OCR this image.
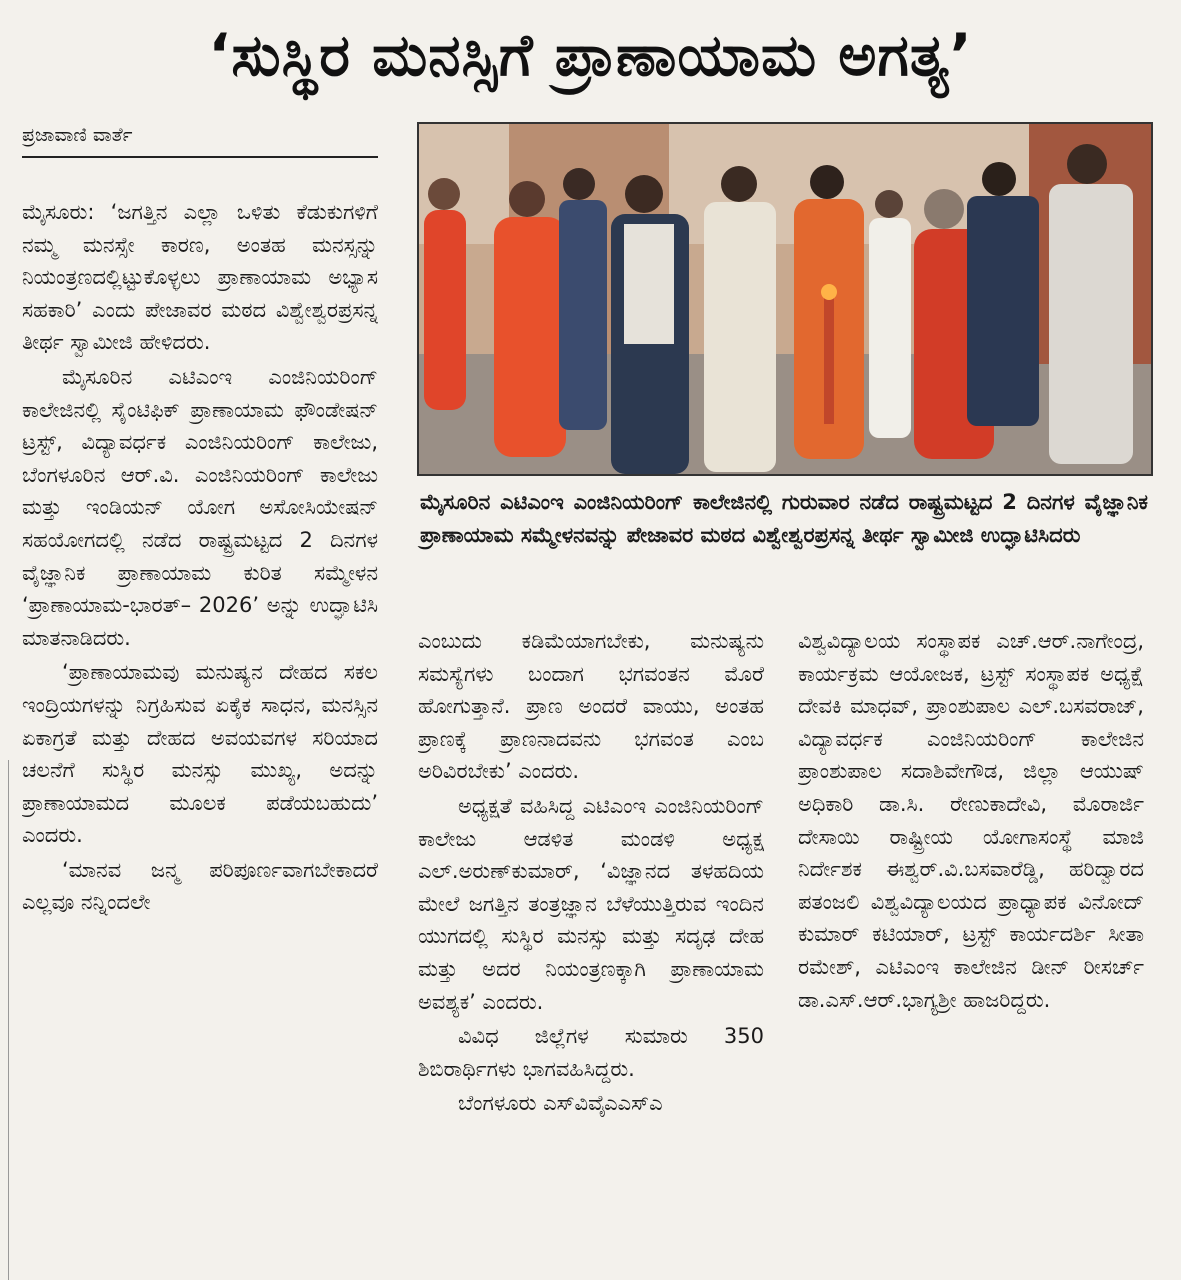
‘ಸುಸ್ಥಿರ ಮನಸ್ಸಿಗೆ ಪ್ರಾಣಾಯಾಮ ಅಗತ್ಯ’
ಪ್ರಜಾವಾಣಿ ವಾರ್ತೆ

ಮೈಸೂರು: ‘ಜಗತ್ತಿನ ಎಲ್ಲಾ ಒಳಿತು ಕೆಡುಕುಗಳಿಗೆ ನಮ್ಮ ಮನಸ್ಸೇ ಕಾರಣ, ಅಂತಹ ಮನಸ್ಸನ್ನು ನಿಯಂತ್ರಣದಲ್ಲಿಟ್ಟುಕೊಳ್ಳಲು ಪ್ರಾಣಾಯಾಮ ಅಭ್ಯಾಸ ಸಹಕಾರಿ’ ಎಂದು ಪೇಜಾವರ ಮಠದ ವಿಶ್ವೇಶ್ವರಪ್ರಸನ್ನ ತೀರ್ಥ ಸ್ವಾಮೀಜಿ ಹೇಳಿದರು.

ಮೈಸೂರಿನ ಎಟಿಎಂಇ ಎಂಜಿನಿಯರಿಂಗ್ ಕಾಲೇಜಿನಲ್ಲಿ ಸೈಂಟಿಫಿಕ್ ಪ್ರಾಣಾಯಾಮ ಫೌಂಡೇಷನ್ ಟ್ರಸ್ಟ್, ವಿದ್ಯಾವರ್ಧಕ ಎಂಜಿನಿಯರಿಂಗ್ ಕಾಲೇಜು, ಬೆಂಗಳೂರಿನ ಆರ್.ವಿ. ಎಂಜಿನಿಯರಿಂಗ್ ಕಾಲೇಜು ಮತ್ತು ಇಂಡಿಯನ್ ಯೋಗ ಅಸೋಸಿಯೇಷನ್ ಸಹಯೋಗದಲ್ಲಿ ನಡೆದ ರಾಷ್ಟ್ರಮಟ್ಟದ 2 ದಿನಗಳ ವೈಜ್ಞಾನಿಕ ಪ್ರಾಣಾಯಾಮ ಕುರಿತ ಸಮ್ಮೇಳನ ‘ಪ್ರಾಣಾಯಾಮ-ಭಾರತ್– 2026’ ಅನ್ನು ಉದ್ಘಾಟಿಸಿ ಮಾತನಾಡಿದರು.

‘ಪ್ರಾಣಾಯಾಮವು ಮನುಷ್ಯನ ದೇಹದ ಸಕಲ ಇಂದ್ರಿಯಗಳನ್ನು ನಿಗ್ರಹಿಸುವ ಏಕೈಕ ಸಾಧನ, ಮನಸ್ಸಿನ ಏಕಾಗ್ರತೆ ಮತ್ತು ದೇಹದ ಅವಯವಗಳ ಸರಿಯಾದ ಚಲನೆಗೆ ಸುಸ್ಥಿರ ಮನಸ್ಸು ಮುಖ್ಯ, ಅದನ್ನು ಪ್ರಾಣಾಯಾಮದ ಮೂಲಕ ಪಡೆಯಬಹುದು’ ಎಂದರು.

‘ಮಾನವ ಜನ್ಮ ಪರಿಪೂರ್ಣವಾಗಬೇಕಾದರೆ ಎಲ್ಲವೂ ನನ್ನಿಂದಲೇ

ಮೈಸೂರಿನ ಎಟಿಎಂಇ ಎಂಜಿನಿಯರಿಂಗ್ ಕಾಲೇಜಿನಲ್ಲಿ ಗುರುವಾರ ನಡೆದ ರಾಷ್ಟ್ರಮಟ್ಟದ 2 ದಿನಗಳ ವೈಜ್ಞಾನಿಕ ಪ್ರಾಣಾಯಾಮ ಸಮ್ಮೇಳನವನ್ನು ಪೇಜಾವರ ಮಠದ ವಿಶ್ವೇಶ್ವರಪ್ರಸನ್ನ ತೀರ್ಥ ಸ್ವಾಮೀಜಿ ಉದ್ಘಾಟಿಸಿದರು

ಎಂಬುದು ಕಡಿಮೆಯಾಗಬೇಕು, ಮನುಷ್ಯನು ಸಮಸ್ಯೆಗಳು ಬಂದಾಗ ಭಗವಂತನ ಮೊರೆ ಹೋಗುತ್ತಾನೆ. ಪ್ರಾಣ ಅಂದರೆ ವಾಯು, ಅಂತಹ ಪ್ರಾಣಕ್ಕೆ ಪ್ರಾಣನಾದವನು ಭಗವಂತ ಎಂಬ ಅರಿವಿರಬೇಕು’ ಎಂದರು.

ಅಧ್ಯಕ್ಷತೆ ವಹಿಸಿದ್ದ ಎಟಿಎಂಇ ಎಂಜಿನಿಯರಿಂಗ್ ಕಾಲೇಜು ಆಡಳಿತ ಮಂಡಳಿ ಅಧ್ಯಕ್ಷ ಎಲ್.ಅರುಣ್‌ಕುಮಾರ್, ‘ವಿಜ್ಞಾನದ ತಳಹದಿಯ ಮೇಲೆ ಜಗತ್ತಿನ ತಂತ್ರಜ್ಞಾನ ಬೆಳೆಯುತ್ತಿರುವ ಇಂದಿನ ಯುಗದಲ್ಲಿ ಸುಸ್ಥಿರ ಮನಸ್ಸು ಮತ್ತು ಸದೃಢ ದೇಹ ಮತ್ತು ಅದರ ನಿಯಂತ್ರಣಕ್ಕಾಗಿ ಪ್ರಾಣಾಯಾಮ ಅವಶ್ಯಕ’ ಎಂದರು.

ವಿವಿಧ ಜಿಲ್ಲೆಗಳ ಸುಮಾರು 350 ಶಿಬಿರಾರ್ಥಿಗಳು ಭಾಗವಹಿಸಿದ್ದರು.

ಬೆಂಗಳೂರು ಎಸ್‌ವಿವೈಎಎಸ್‌ಎ

ವಿಶ್ವವಿದ್ಯಾಲಯ ಸಂಸ್ಥಾಪಕ ಎಚ್.ಆರ್.ನಾಗೇಂದ್ರ, ಕಾರ್ಯಕ್ರಮ ಆಯೋಜಕ, ಟ್ರಸ್ಟ್ ಸಂಸ್ಥಾಪಕ ಅಧ್ಯಕ್ಷೆ ದೇವಕಿ ಮಾಧವ್, ಪ್ರಾಂಶುಪಾಲ ಎಲ್.ಬಸವರಾಜ್, ವಿದ್ಯಾವರ್ಧಕ ಎಂಜಿನಿಯರಿಂಗ್ ಕಾಲೇಜಿನ ಪ್ರಾಂಶುಪಾಲ ಸದಾಶಿವೇಗೌಡ, ಜಿಲ್ಲಾ ಆಯುಷ್ ಅಧಿಕಾರಿ ಡಾ.ಸಿ. ರೇಣುಕಾದೇವಿ, ಮೊರಾರ್ಜಿ ದೇಸಾಯಿ ರಾಷ್ಟ್ರೀಯ ಯೋಗಾಸಂಸ್ಥೆ ಮಾಜಿ ನಿರ್ದೇಶಕ ಈಶ್ವರ್.ವಿ.ಬಸವಾರೆಡ್ಡಿ, ಹರಿದ್ವಾರದ ಪತಂಜಲಿ ವಿಶ್ವವಿದ್ಯಾಲಯದ ಪ್ರಾಧ್ಯಾಪಕ ವಿನೋದ್ ಕುಮಾರ್ ಕಟಿಯಾರ್, ಟ್ರಸ್ಟ್ ಕಾರ್ಯದರ್ಶಿ ಸೀತಾ ರಮೇಶ್, ಎಟಿಎಂಇ ಕಾಲೇಜಿನ ಡೀನ್ ರೀಸರ್ಚ್ ಡಾ.ಎಸ್.ಆರ್.ಭಾಗ್ಯಶ್ರೀ ಹಾಜರಿದ್ದರು.
